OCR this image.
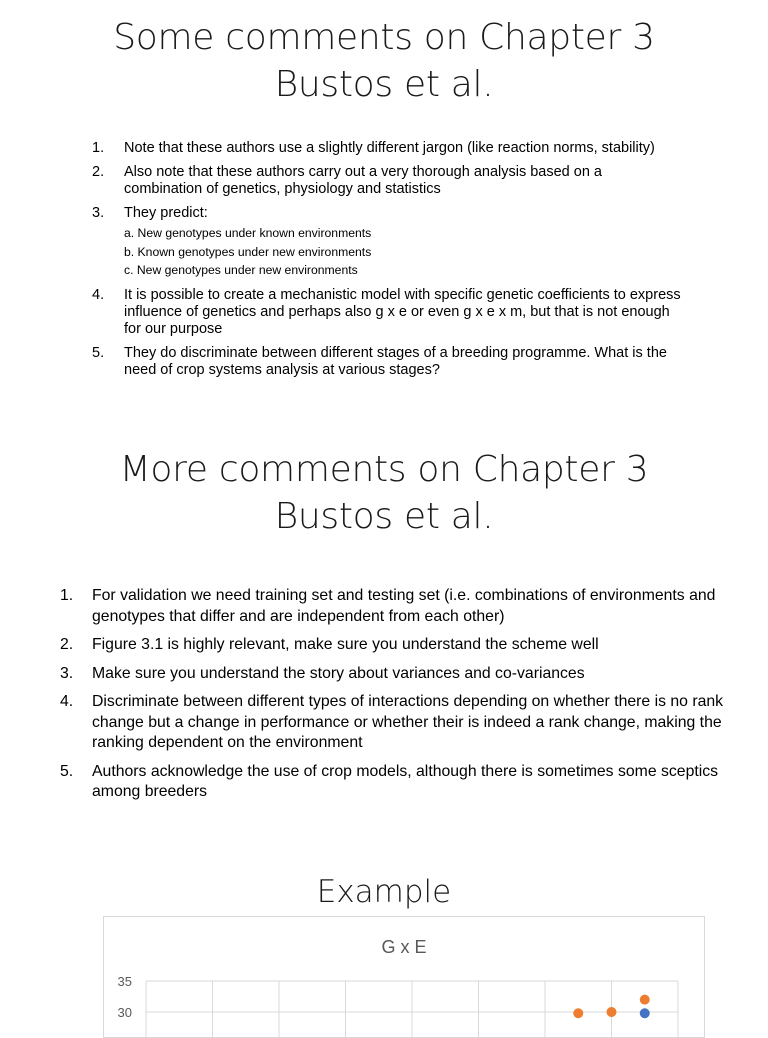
Some comments on Chapter 3
Bustos et al.
1. Note that these authors use a slightly different jargon (like reaction norms, stability)
2. Also note that these authors carry out a very thorough analysis based on a combination of genetics, physiology and statistics
3. They predict:
a. New genotypes under known environments
b. Known genotypes under new environments
c. New genotypes under new environments
4. It is possible to create a mechanistic model with specific genetic coefficients to express influence of genetics and perhaps also g x e or even g x e x m, but that is not enough for our purpose
5. They do discriminate between different stages of a breeding programme. What is the need of crop systems analysis at various stages?
More comments on Chapter 3
Bustos et al.
1. For validation we need training set and testing set (i.e. combinations of environments and genotypes that differ and are independent from each other)
2. Figure 3.1 is highly relevant, make sure you understand the scheme well
3. Make sure you understand the story about variances and co-variances
4. Discriminate between different types of interactions depending on whether there is no rank change but a change in performance or whether their is indeed a rank change, making the ranking dependent on the environment
5. Authors acknowledge the use of crop models, although there is sometimes some sceptics among breeders
Example
G x E
35
30
